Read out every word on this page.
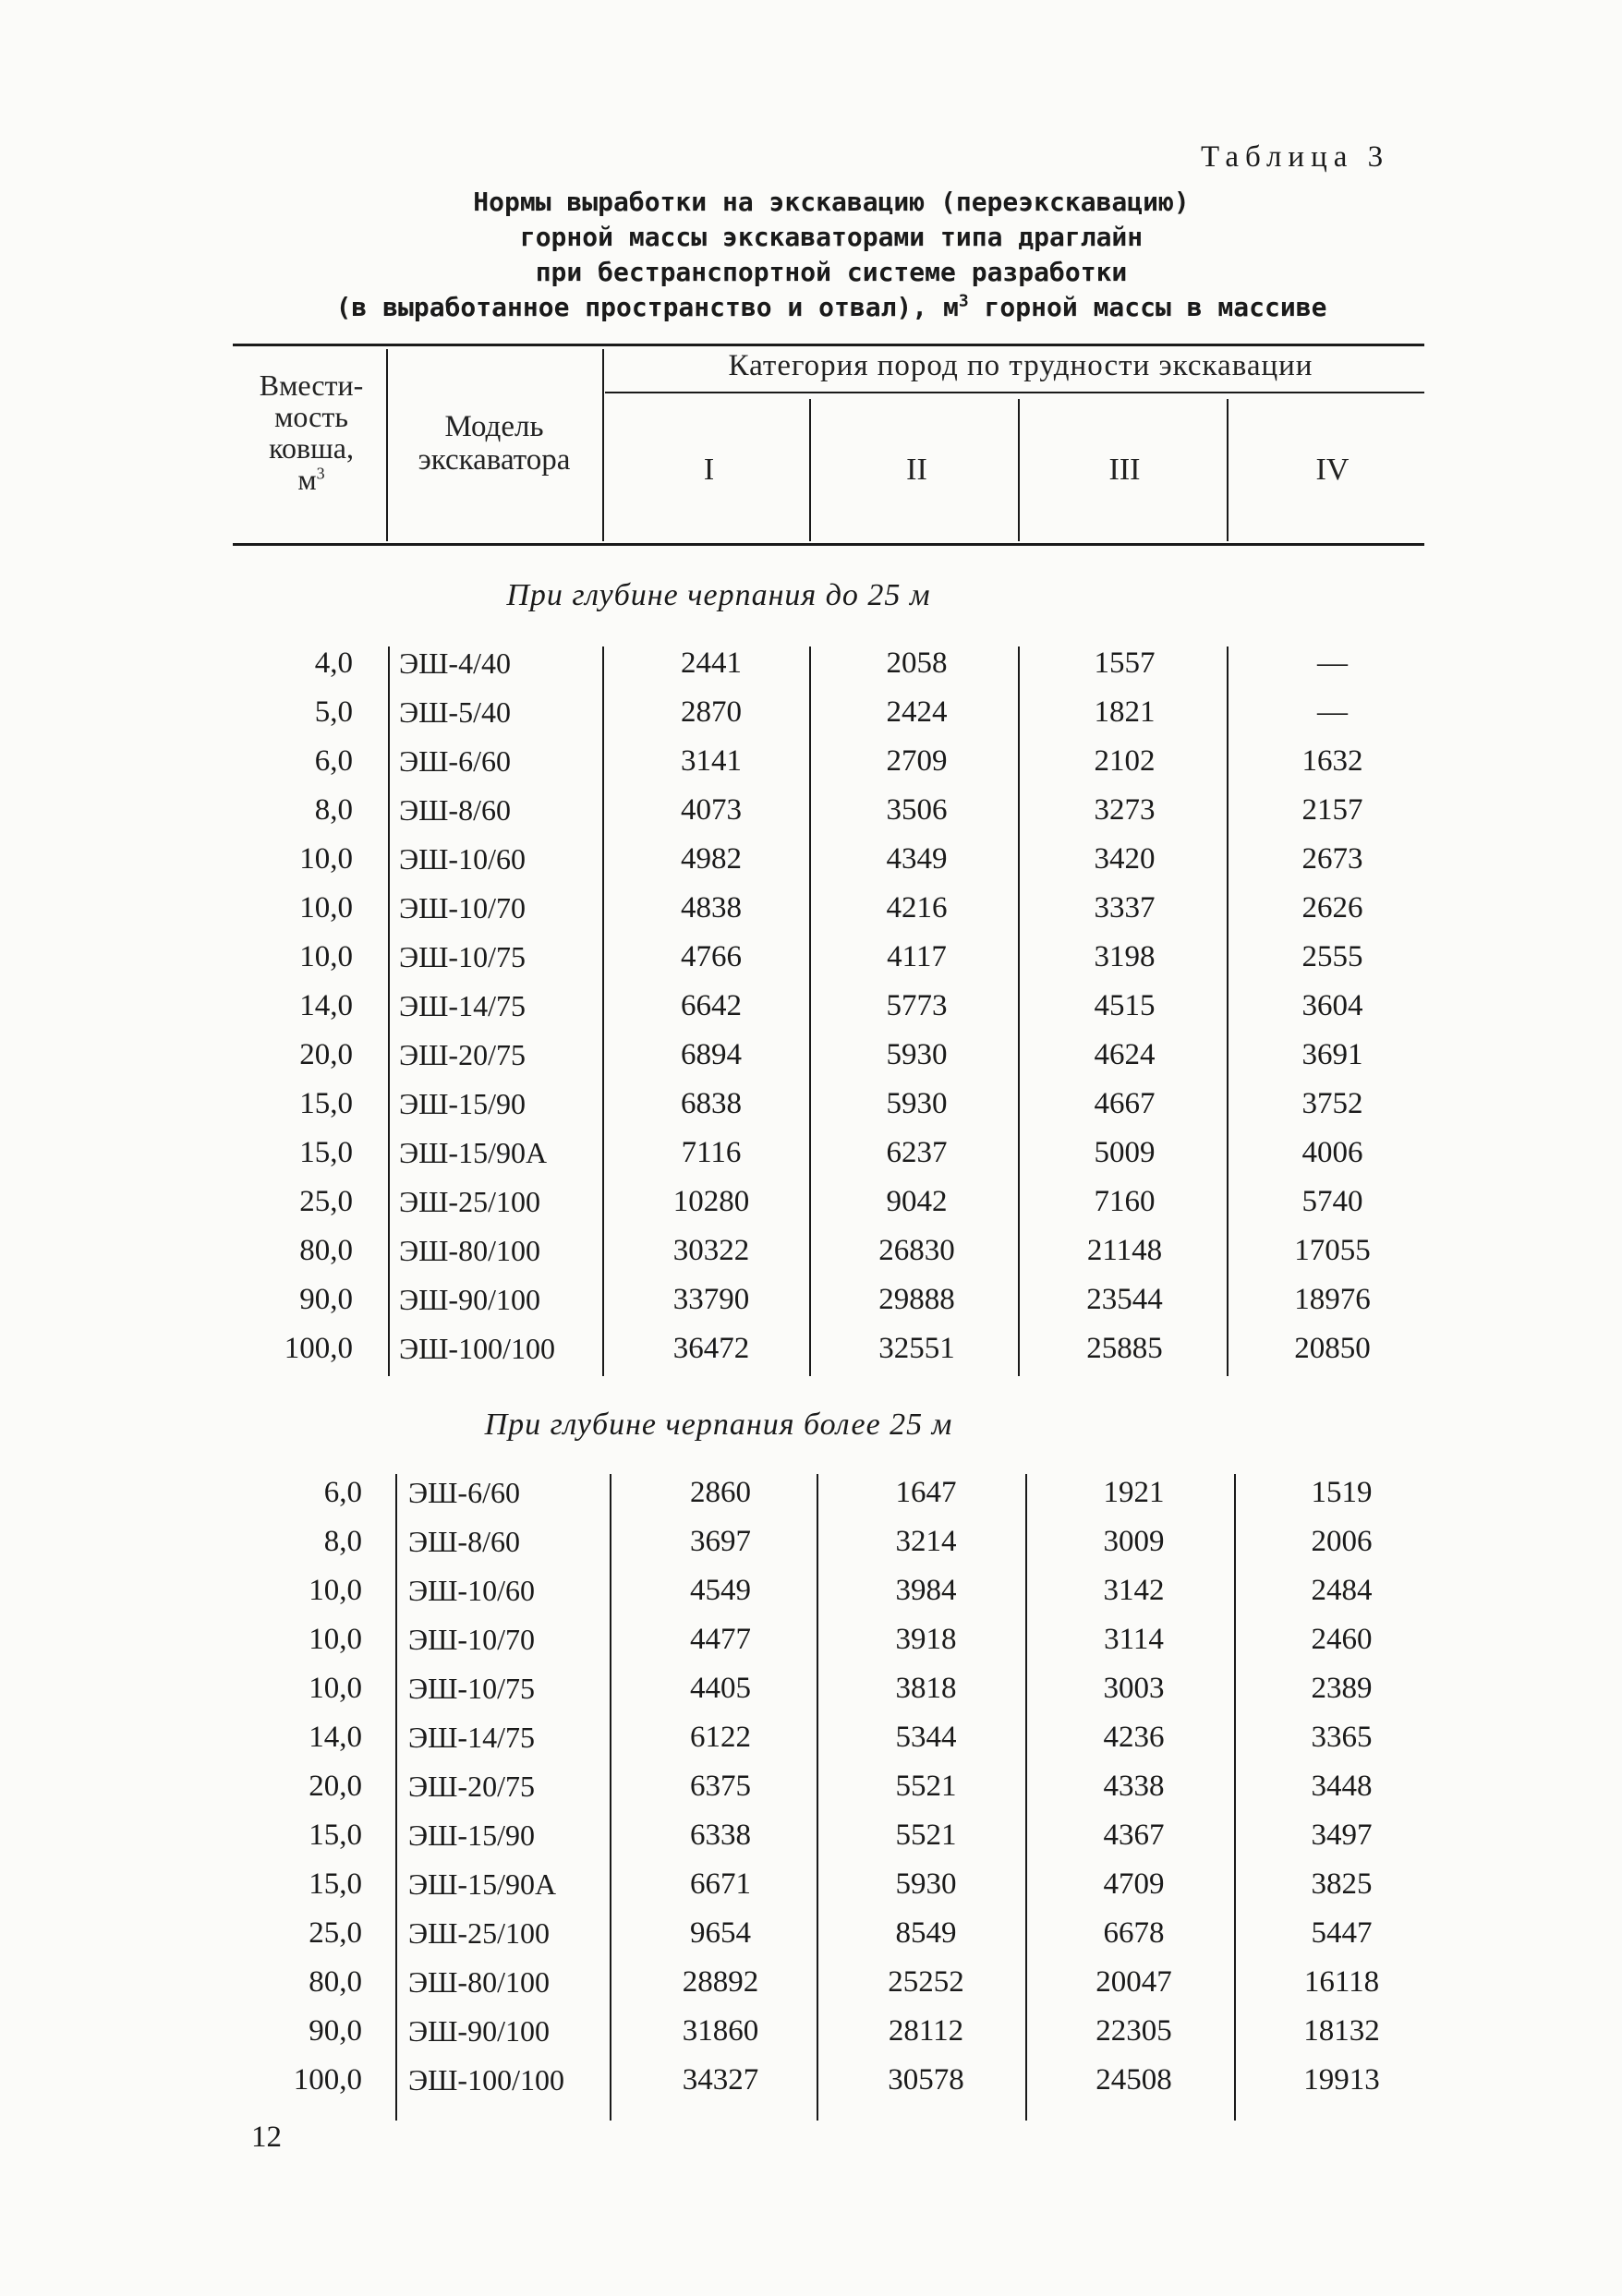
Таблица 3
Нормы выработки на экскавацию (переэкскавацию)
горной массы экскаваторами типа драглайн
при бестранспортной системе разработки
(в выработанное пространство и отвал), $м^3$ горной массы в массиве
Вмести-
мость
ковша,
$м^3$
Модель
экскаватора
Категория пород по трудности экскавации
I	II	III	IV
При глубине черпания до 25 м
4,0 ЭШ-4/40	2441	2058	1557	—
5,0 ЭШ-5/40	2870	2424	1821	—
6,0 ЭШ-6/60	3141	2709	2102	1632
8,0 ЭШ-8/60	4073	3506	3273	2157
10,0 ЭШ-10/60	4982	4349	3420	2673
10,0 ЭШ-10/70	4838	4216	3337	2626
10,0 ЭШ-10/75	4766	4117	3198	2555
14,0 ЭШ-14/75	6642	5773	4515	3604
20,0 ЭШ-20/75	6894	5930	4624	3691
15,0 ЭШ-15/90	6838	5930	4667	3752
15,0 ЭШ-15/90А	7116	6237	5009	4006
25,0 ЭШ-25/100	10280	9042	7160	5740
80,0 ЭШ-80/100	30322	26830	21148	17055
90,0 ЭШ-90/100	33790	29888	23544	18976
100,0 ЭШ-100/100	36472	32551	25885	20850
При глубине черпания более 25 м
6,0 ЭШ-6/60	2860	1647	1921	1519
8,0 ЭШ-8/60	3697	3214	3009	2006
10,0 ЭШ-10/60	4549	3984	3142	2484
10,0 ЭШ-10/70	4477	3918	3114	2460
10,0 ЭШ-10/75	4405	3818	3003	2389
14,0 ЭШ-14/75	6122	5344	4236	3365
20,0 ЭШ-20/75	6375	5521	4338	3448
15,0 ЭШ-15/90	6338	5521	4367	3497
15,0 ЭШ-15/90А	6671	5930	4709	3825
25,0 ЭШ-25/100	9654	8549	6678	5447
80,0 ЭШ-80/100	28892	25252	20047	16118
90,0 ЭШ-90/100	31860	28112	22305	18132
100,0 ЭШ-100/100	34327	30578	24508	19913
12
